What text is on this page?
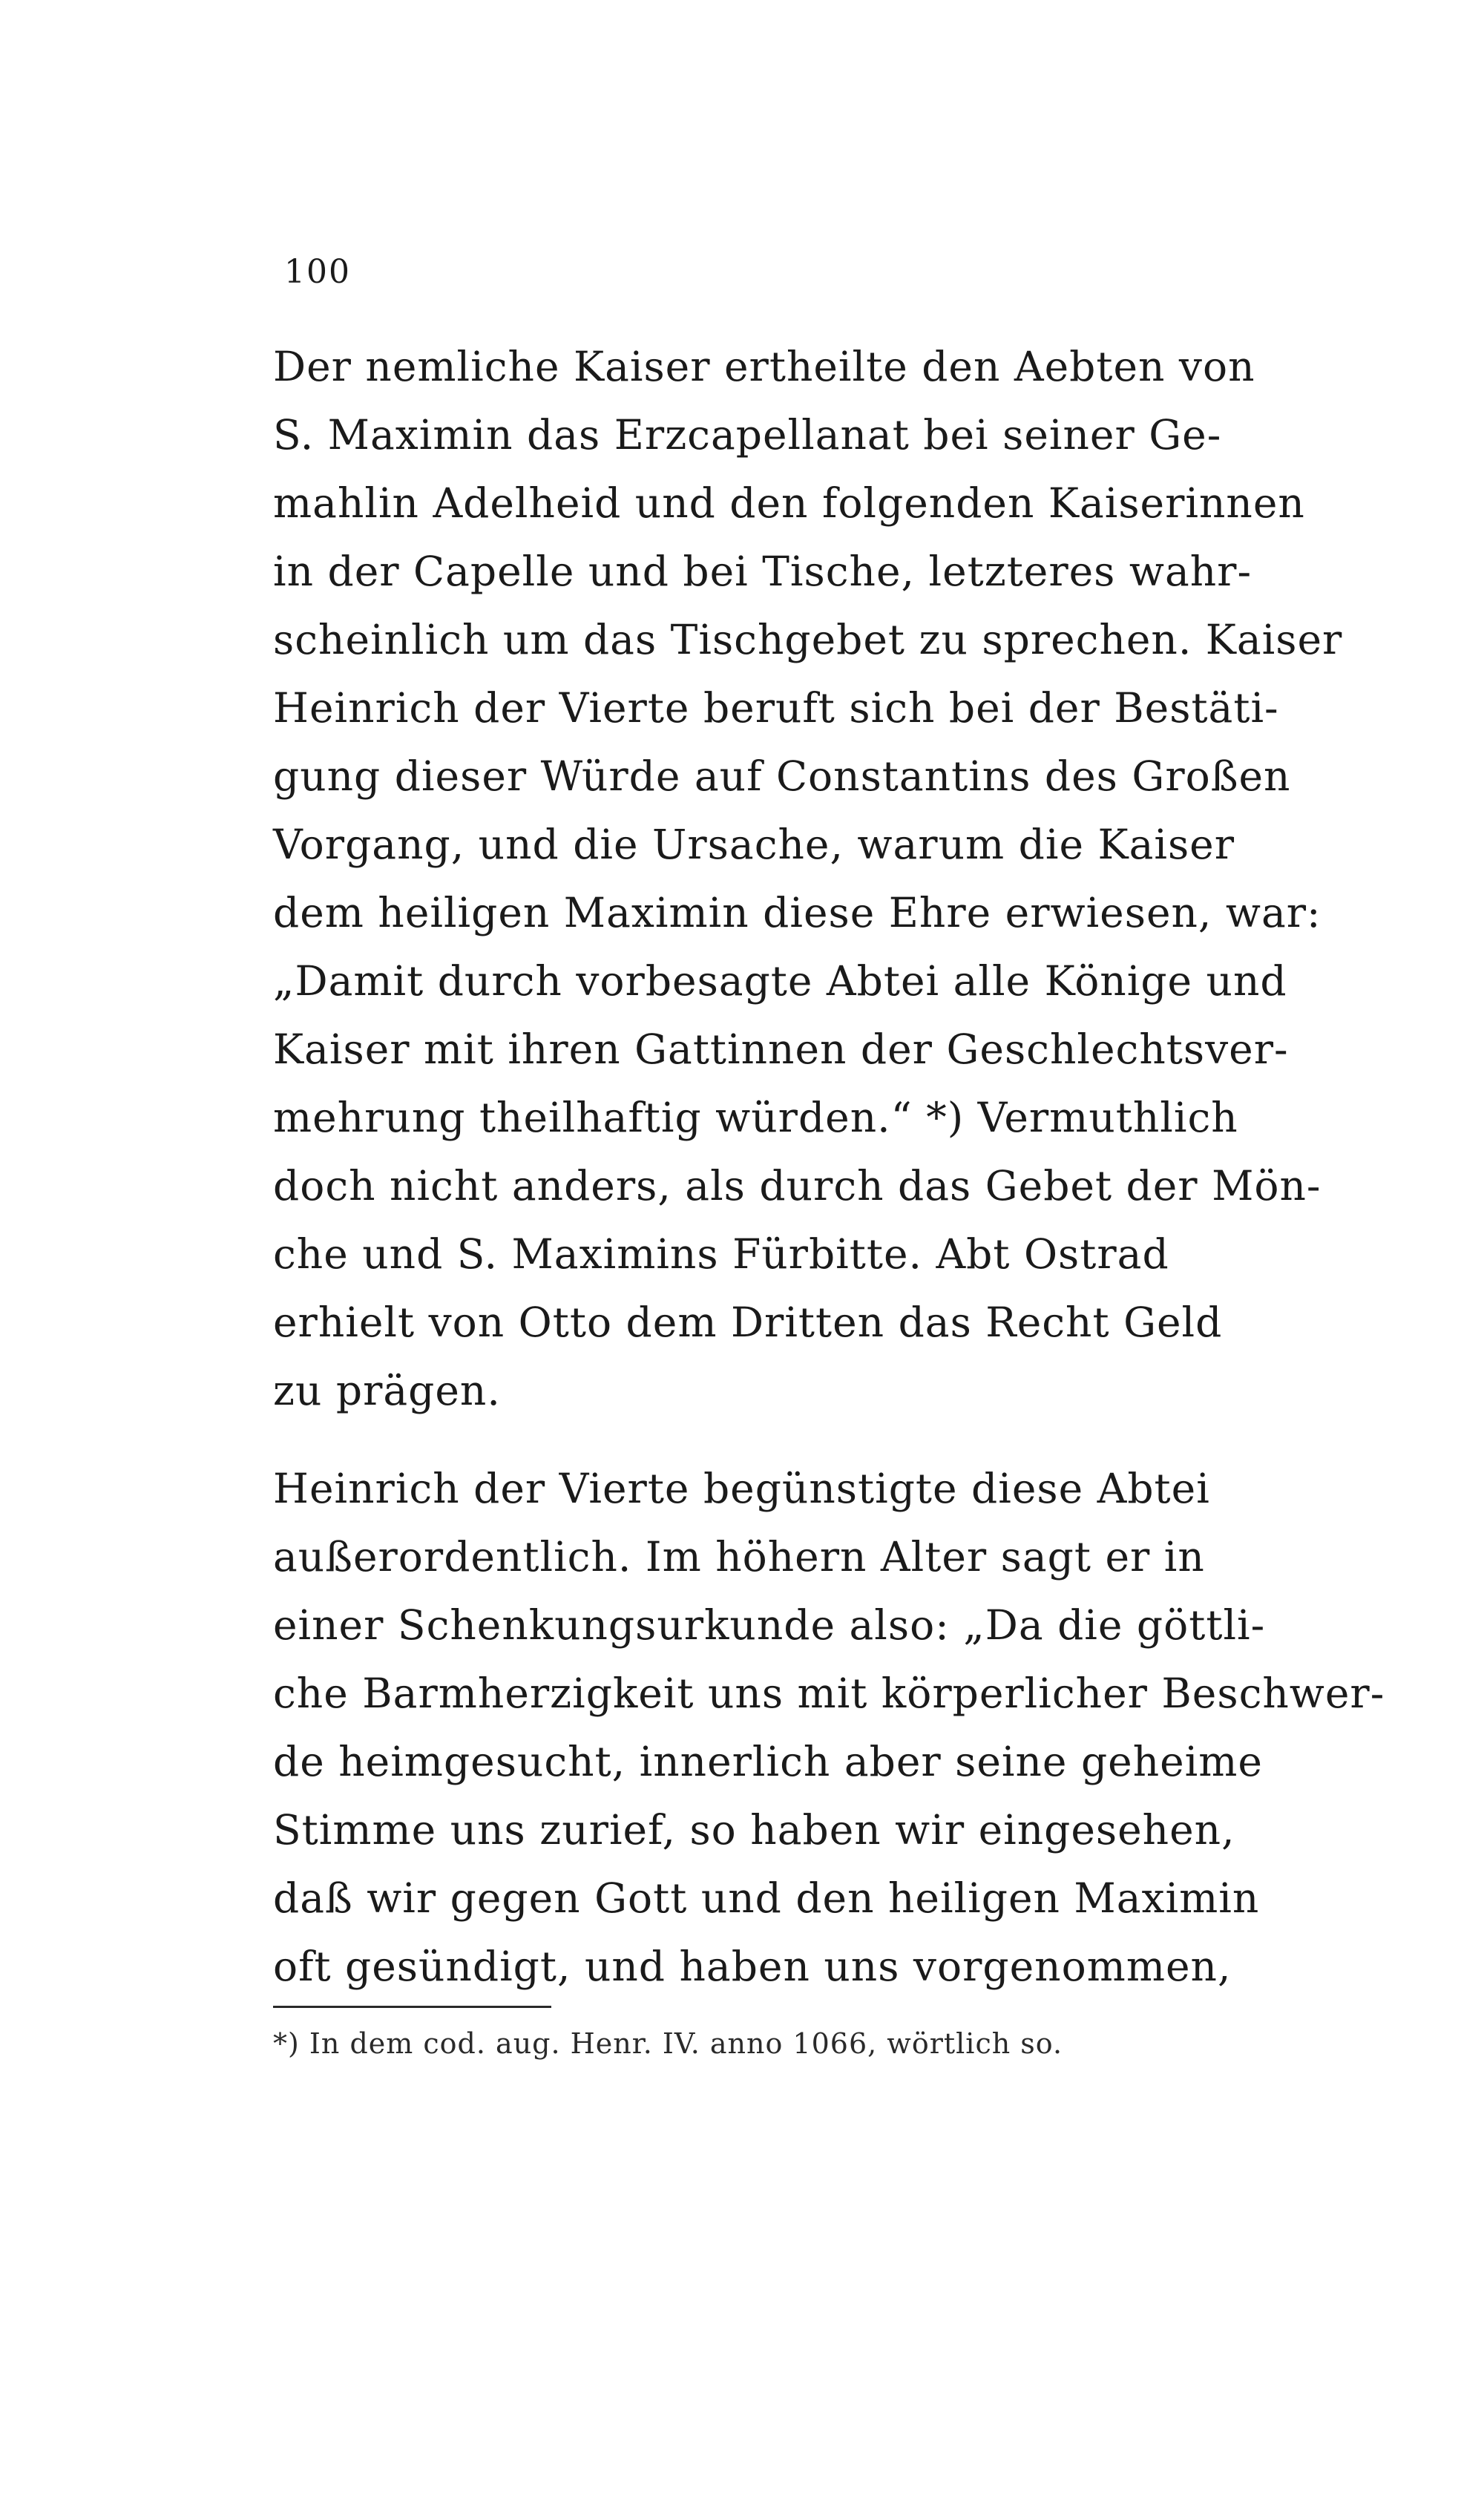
100
Der nemliche Kaiser ertheilte den Aebten von
S. Maximin das Erzcapellanat bei seiner Ge-
mahlin Adelheid und den folgenden Kaiserinnen
in der Capelle und bei Tische, letzteres wahr-
scheinlich um das Tischgebet zu sprechen. Kaiser
Heinrich der Vierte beruft sich bei der Bestäti-
gung dieser Würde auf Constantins des Großen
Vorgang, und die Ursache, warum die Kaiser
dem heiligen Maximin diese Ehre erwiesen, war:
„Damit durch vorbesagte Abtei alle Könige und
Kaiser mit ihren Gattinnen der Geschlechtsver-
mehrung theilhaftig würden.“ *) Vermuthlich
doch nicht anders, als durch das Gebet der Mön-
che und S. Maximins Fürbitte. Abt Ostrad
erhielt von Otto dem Dritten das Recht Geld
zu prägen.
Heinrich der Vierte begünstigte diese Abtei
außerordentlich. Im höhern Alter sagt er in
einer Schenkungsurkunde also: „Da die göttli-
che Barmherzigkeit uns mit körperlicher Beschwer-
de heimgesucht, innerlich aber seine geheime
Stimme uns zurief, so haben wir eingesehen,
daß wir gegen Gott und den heiligen Maximin
oft gesündigt, und haben uns vorgenommen,
*) In dem cod. aug. Henr. IV. anno 1066, wörtlich so.
